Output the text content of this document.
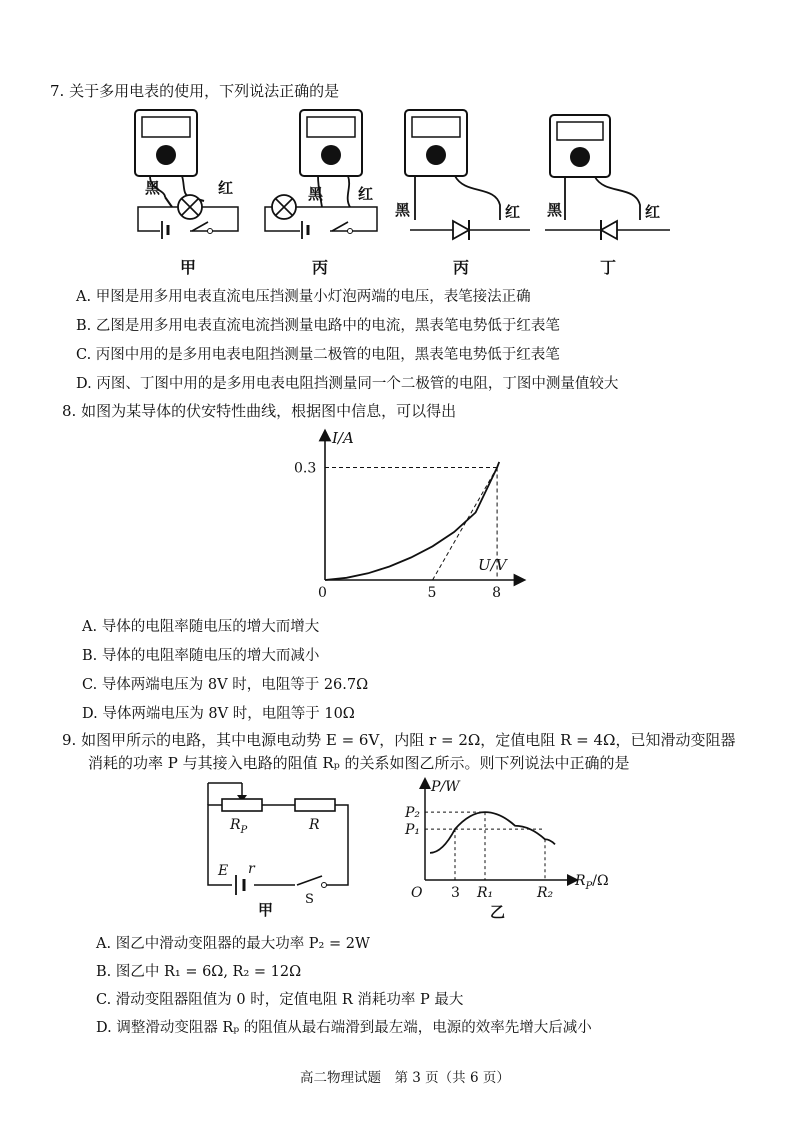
7. 关于多用电表的使用，下列说法正确的是
黑	红
甲
黑 红
丙
黑	红
丙
黑	红
丁
A. 甲图是用多用电表直流电压挡测量小灯泡两端的电压，表笔接法正确
B. 乙图是用多用电表直流电流挡测量电路中的电流，黑表笔电势低于红表笔
C. 丙图中用的是多用电表电阻挡测量二极管的电阻，黑表笔电势低于红表笔
D. 丙图、丁图中用的是多用电表电阻挡测量同一个二极管的电阻，丁图中测量值较大
8. 如图为某导体的伏安特性曲线，根据图中信息，可以得出
I/A
U/V
0	5	8
0.3
A. 导体的电阻率随电压的增大而增大
B. 导体的电阻率随电压的增大而减小
C. 导体两端电压为 8V 时，电阻等于 26.7Ω
D. 导体两端电压为 8V 时，电阻等于 10Ω
9. 如图甲所示的电路，其中电源电动势 E = 6V，内阻 r = 2Ω，定值电阻 R = 4Ω，已知滑动变阻器
消耗的功率 P 与其接入电路的阻值 Rₚ 的关系如图乙所示。则下列说法中正确的是
$R_P$	R
E r
S
甲
P/W
$R_P/\Omega$
O 3 R₁	R₂
P₂
P₁
乙
A. 图乙中滑动变阻器的最大功率 P₂ = 2W
B. 图乙中 R₁ = 6Ω, R₂ = 12Ω
C. 滑动变阻器阻值为 0 时，定值电阻 R 消耗功率 P 最大
D. 调整滑动变阻器 Rₚ 的阻值从最右端滑到最左端，电源的效率先增大后减小
高二物理试题　第 3 页（共 6 页）
